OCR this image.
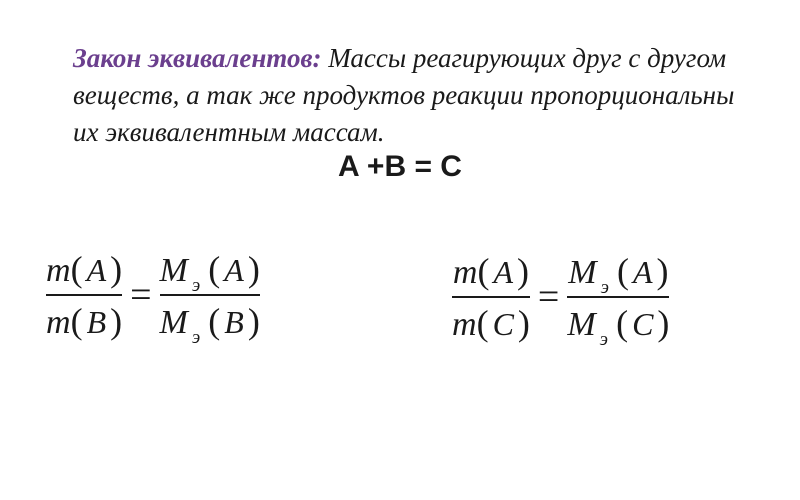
Закон эквивалентов: Массы реагирующих друг с другом веществ, а так же продуктов реакции пропорциональны их эквивалентным массам.

A +B = C
$\frac{m( A )}{m( B )} = \frac{\text{M э ( A )}}{\text{M э ( B )}}$	$\frac{m( A )}{m( C )} = \frac{\text{M э ( A )}}{\text{M э ( C )}}$
